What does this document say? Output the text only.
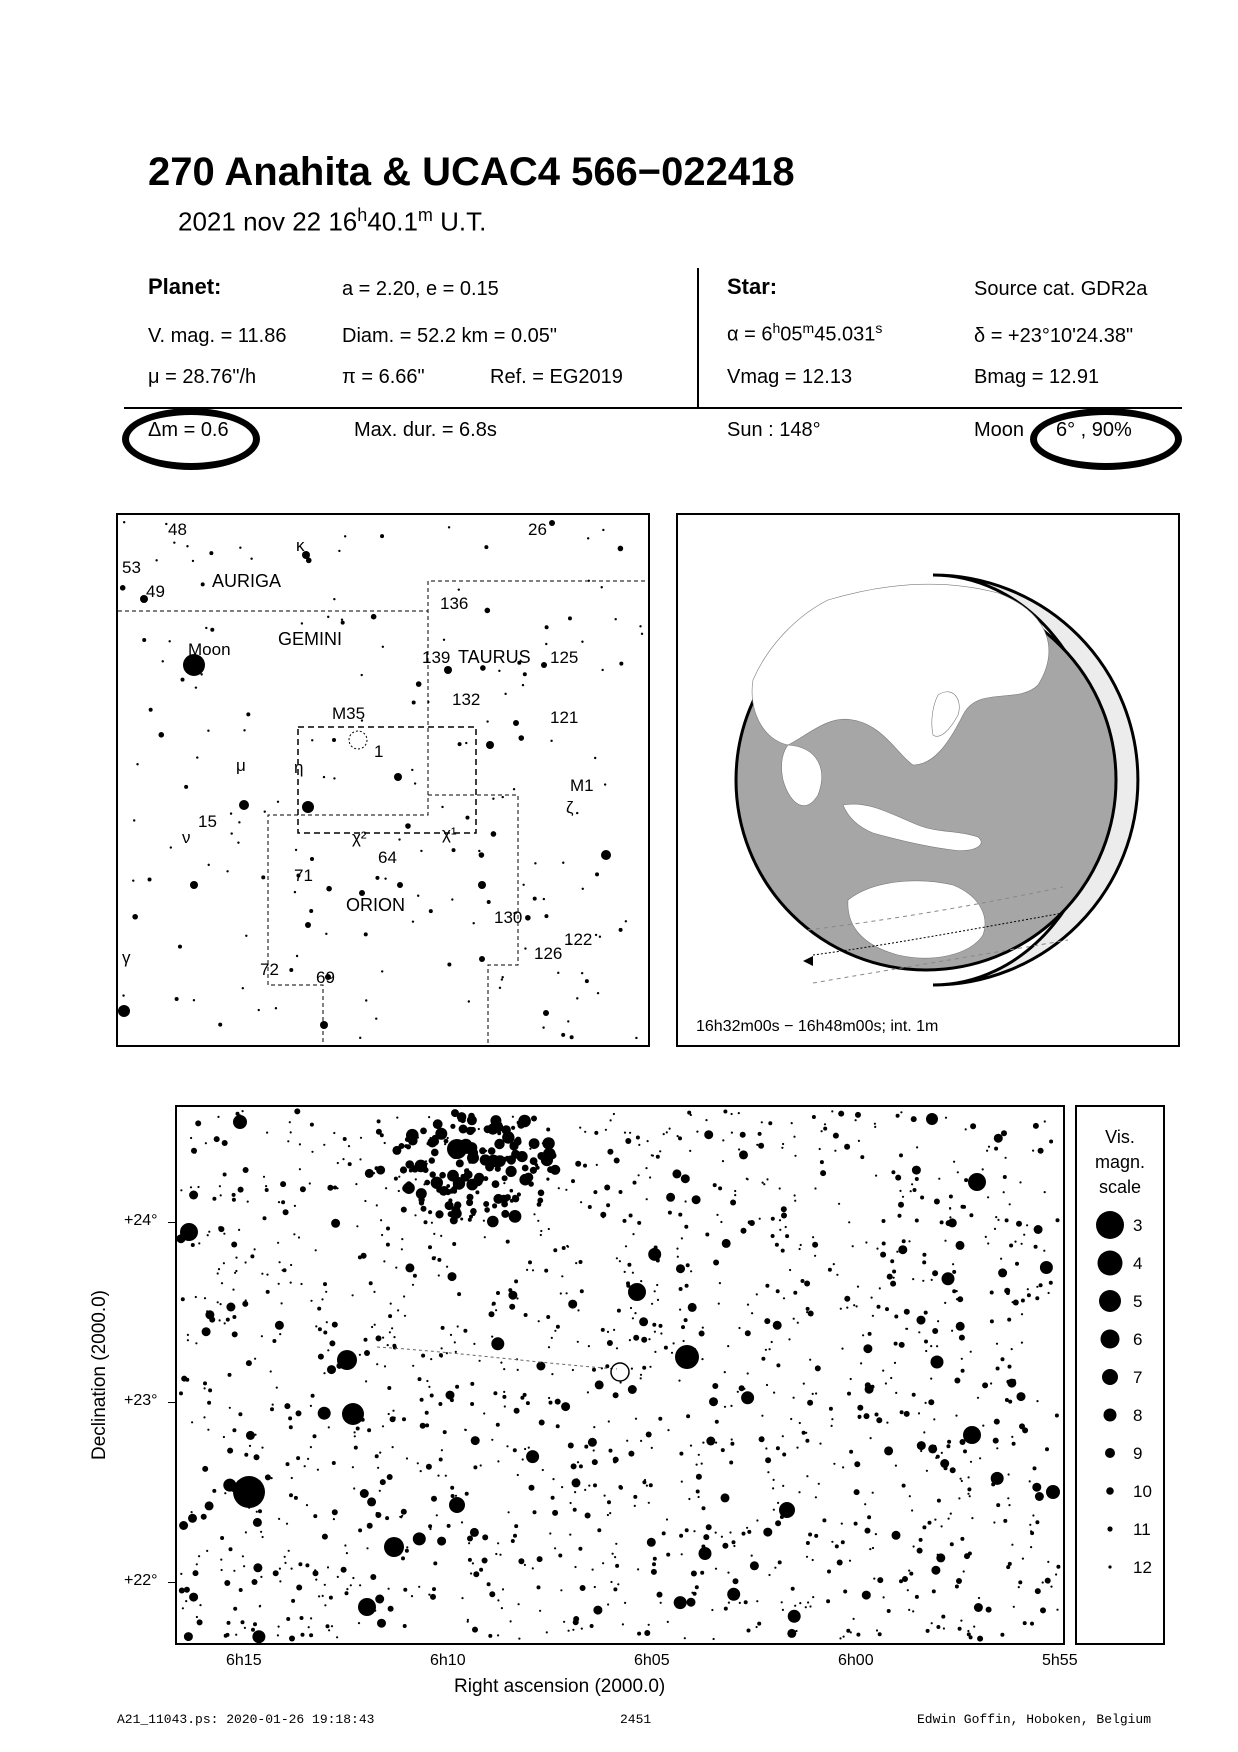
270 Anahita & UCAC4 566−022418
2021 nov 22 16$^h$40.1$^m$ U.T.
Planet:	a = 2.20, e = 0.15	Star:	Source cat. GDR2a
V. mag. = 11.86	Diam. = 52.2 km = 0.05"	$\alpha = 6^h05^m45.031^s$	δ = +23°10'24.38"
μ = 28.76"/h	π = 6.66"	Ref. = EG2019	Vmag = 12.13	Bmag = 12.91
Δm = 0.6	Max. dur. = 6.8s	Sun : 148°	Moon 6° , 90%
48	26
κ
53
49
AURIGA
136
Moon
GEMINI
139 TAURUS 125
132
M35	121
1
μ	η
M1
ζ
15
ν	χ²	χ¹
64
71
ORION
130
122
126
γ
72 69
16h32m00s − 16h48m00s; int. 1m
+24°
+23°
+22°
6h15	6h10	6h05	6h00	5h55
Right ascension (2000.0)
Declination (2000.0)
Vis.
magn.
scale
3
4
5
6
7
8
9
10
11
12
A21_11043.ps: 2020-01-26 19:18:43	2451	Edwin Goffin, Hoboken, Belgium
